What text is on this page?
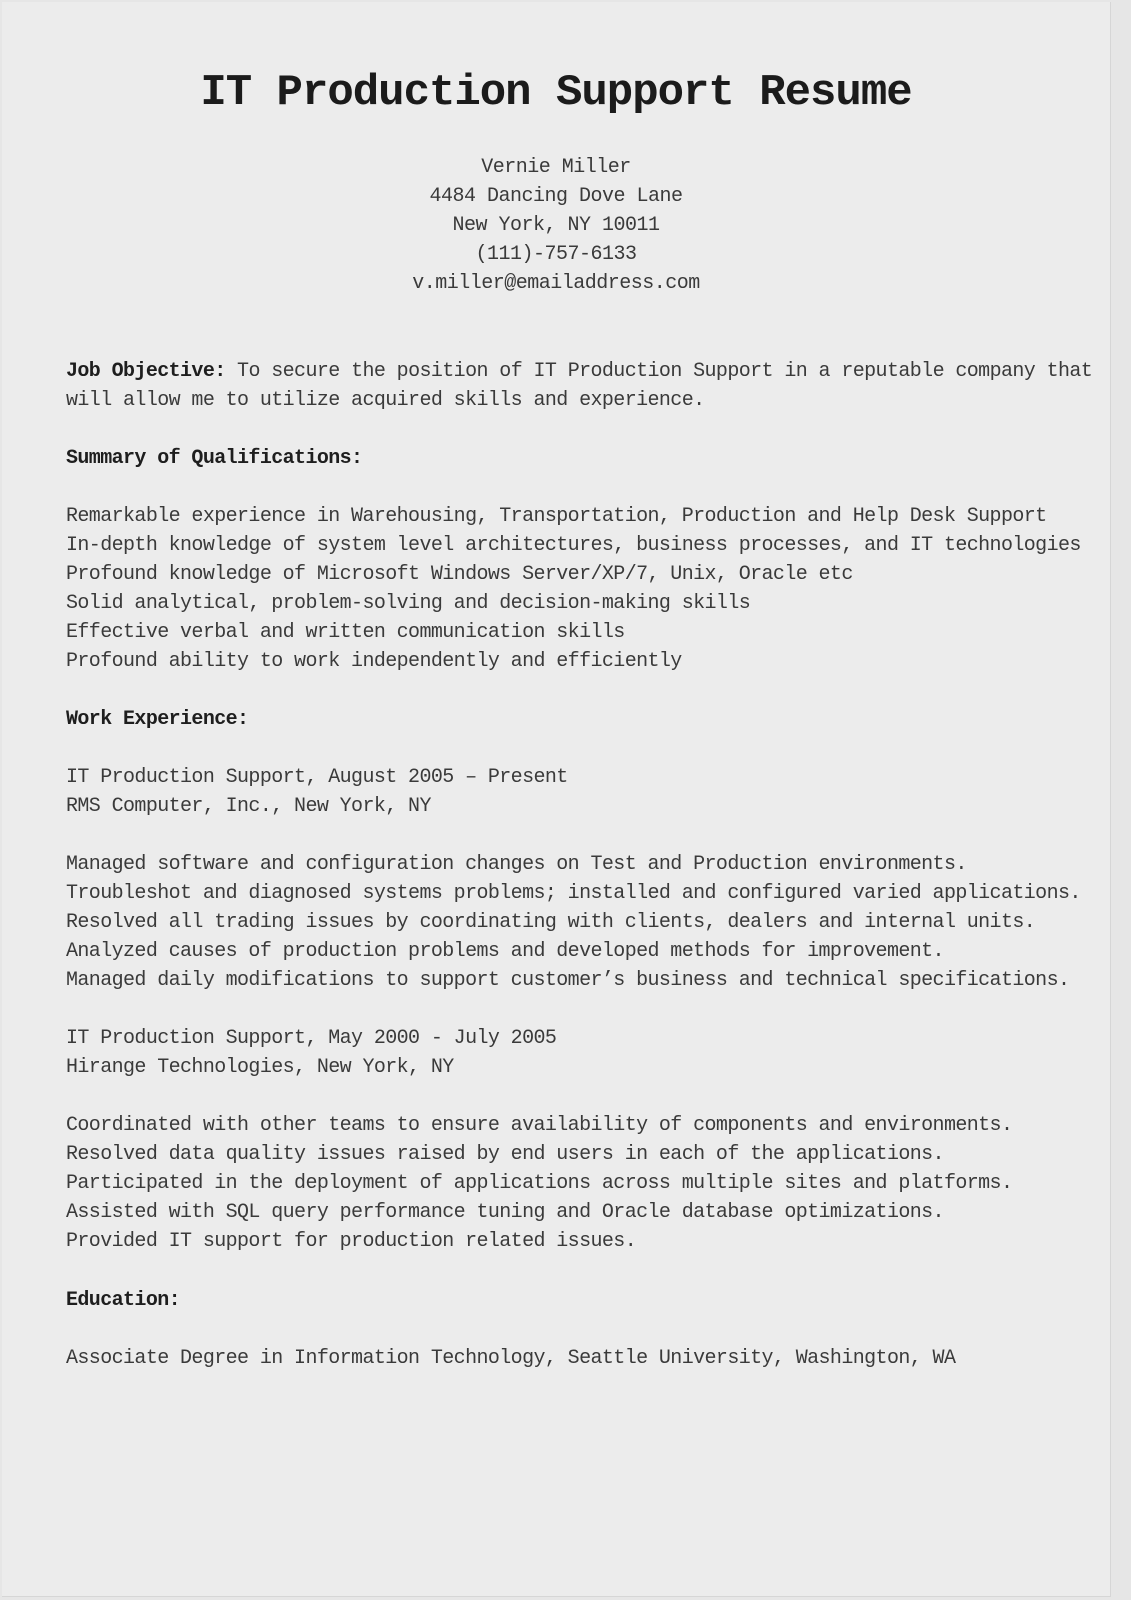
IT Production Support Resume
Vernie Miller
4484 Dancing Dove Lane
New York, NY 10011
(111)-757-6133
v.miller@emailaddress.com
Job Objective: To secure the position of IT Production Support in a reputable company that
will allow me to utilize acquired skills and experience.
Summary of Qualifications:
Remarkable experience in Warehousing, Transportation, Production and Help Desk Support
In-depth knowledge of system level architectures, business processes, and IT technologies
Profound knowledge of Microsoft Windows Server/XP/7, Unix, Oracle etc
Solid analytical, problem-solving and decision-making skills
Effective verbal and written communication skills
Profound ability to work independently and efficiently
Work Experience:
IT Production Support, August 2005 – Present
RMS Computer, Inc., New York, NY
Managed software and configuration changes on Test and Production environments.
Troubleshot and diagnosed systems problems; installed and configured varied applications.
Resolved all trading issues by coordinating with clients, dealers and internal units.
Analyzed causes of production problems and developed methods for improvement.
Managed daily modifications to support customer’s business and technical specifications.
IT Production Support, May 2000 - July 2005
Hirange Technologies, New York, NY
Coordinated with other teams to ensure availability of components and environments.
Resolved data quality issues raised by end users in each of the applications.
Participated in the deployment of applications across multiple sites and platforms.
Assisted with SQL query performance tuning and Oracle database optimizations.
Provided IT support for production related issues.
Education:
Associate Degree in Information Technology, Seattle University, Washington, WA
